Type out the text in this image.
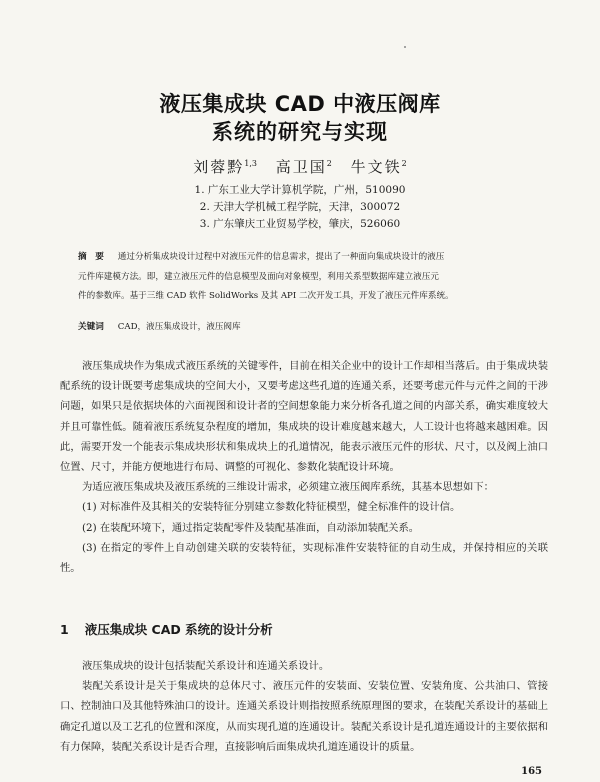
液压集成块 CAD 中液压阀库
系统的研究与实现
刘蓉黔$^{1,3}$ 高卫国$^2$ 牛文铁$^2$
1. 广东工业大学计算机学院，广州，510090
2. 天津大学机械工程学院，天津，300072
3. 广东肇庆工业贸易学校，肇庆，526060

摘　要 通过分析集成块设计过程中对液压元件的信息需求，提出了一种面向集成块设计的液压

元件库建模方法。即，建立液压元件的信息模型及面向对象模型，利用关系型数据库建立液压元

件的参数库。基于三维 CAD 软件 SolidWorks 及其 API 二次开发工具，开发了液压元件库系统。

关键词 CAD，液压集成设计，液压阀库

液压集成块作为集成式液压系统的关键零件，目前在相关企业中的设计工作却相当落后。由于集成块装配系统的设计既要考虑集成块的空间大小，又要考虑这些孔道的连通关系，还要考虑元件与元件之间的干涉问题，如果只是依据块体的六面视图和设计者的空间想象能力来分析各孔道之间的内部关系，确实难度较大并且可靠性低。随着液压系统复杂程度的增加，集成块的设计难度越来越大，人工设计也将越来越困难。因此，需要开发一个能表示集成块形状和集成块上的孔道情况，能表示液压元件的形状、尺寸，以及阀上油口位置、尺寸，并能方便地进行布局、调整的可视化、参数化装配设计环境。

为适应液压集成块及液压系统的三维设计需求，必须建立液压阀库系统，其基本思想如下：

(1) 对标准件及其相关的安装特征分别建立参数化特征模型，健全标准件的设计信。

(2) 在装配环境下，通过指定装配零件及装配基准面，自动添加装配关系。

(3) 在指定的零件上自动创建关联的安装特征，实现标准件安装特征的自动生成，并保持相应的关联性。

1 液压集成块 CAD 系统的设计分析

液压集成块的设计包括装配关系设计和连通关系设计。

装配关系设计是关于集成块的总体尺寸、液压元件的安装面、安装位置、安装角度、公共油口、管接口、控制油口及其他特殊油口的设计。连通关系设计则指按照系统原理图的要求，在装配关系设计的基础上确定孔道以及工艺孔的位置和深度，从而实现孔道的连通设计。装配关系设计是孔道连通设计的主要依据和有力保障，装配关系设计是否合理，直接影响后面集成块孔道连通设计的质量。

165
